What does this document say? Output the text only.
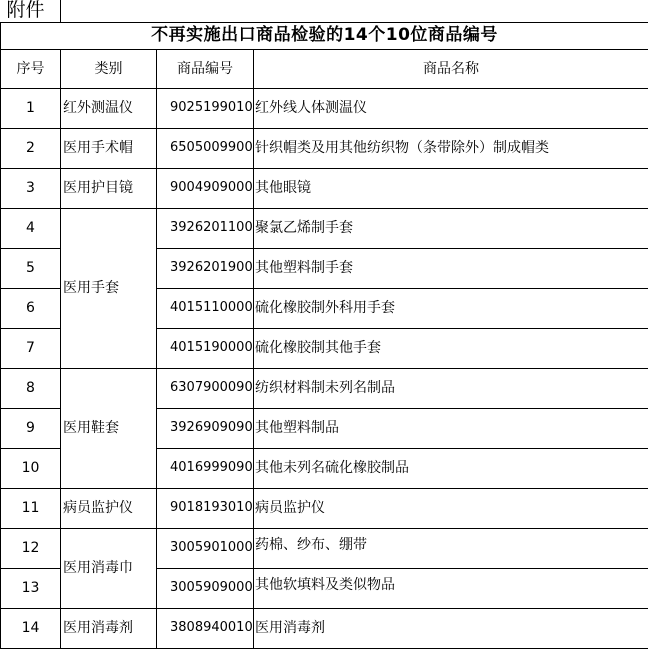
附件			
不再实施出口商品检验的14个10位商品编号			
序号	类别	商品编号	商品名称
1	红外测温仪	9025199010	红外线人体测温仪
2	医用手术帽	6505009900	针织帽类及用其他纺织物（条带除外）制成帽类
3	医用护目镜	9004909000	其他眼镜
4	医用手套	3926201100	聚氯乙烯制手套
5		3926201900	其他塑料制手套
6		4015110000	硫化橡胶制外科用手套
7		4015190000	硫化橡胶制其他手套
8	医用鞋套	6307900090	纺织材料制未列名制品
9		3926909090	其他塑料制品
10		4016999090	其他未列名硫化橡胶制品
11	病员监护仪	9018193010	病员监护仪
12	医用消毒巾	3005901000	药棉、纱布、绷带
13		3005909000	其他软填料及类似物品
14	医用消毒剂	3808940010	医用消毒剂
